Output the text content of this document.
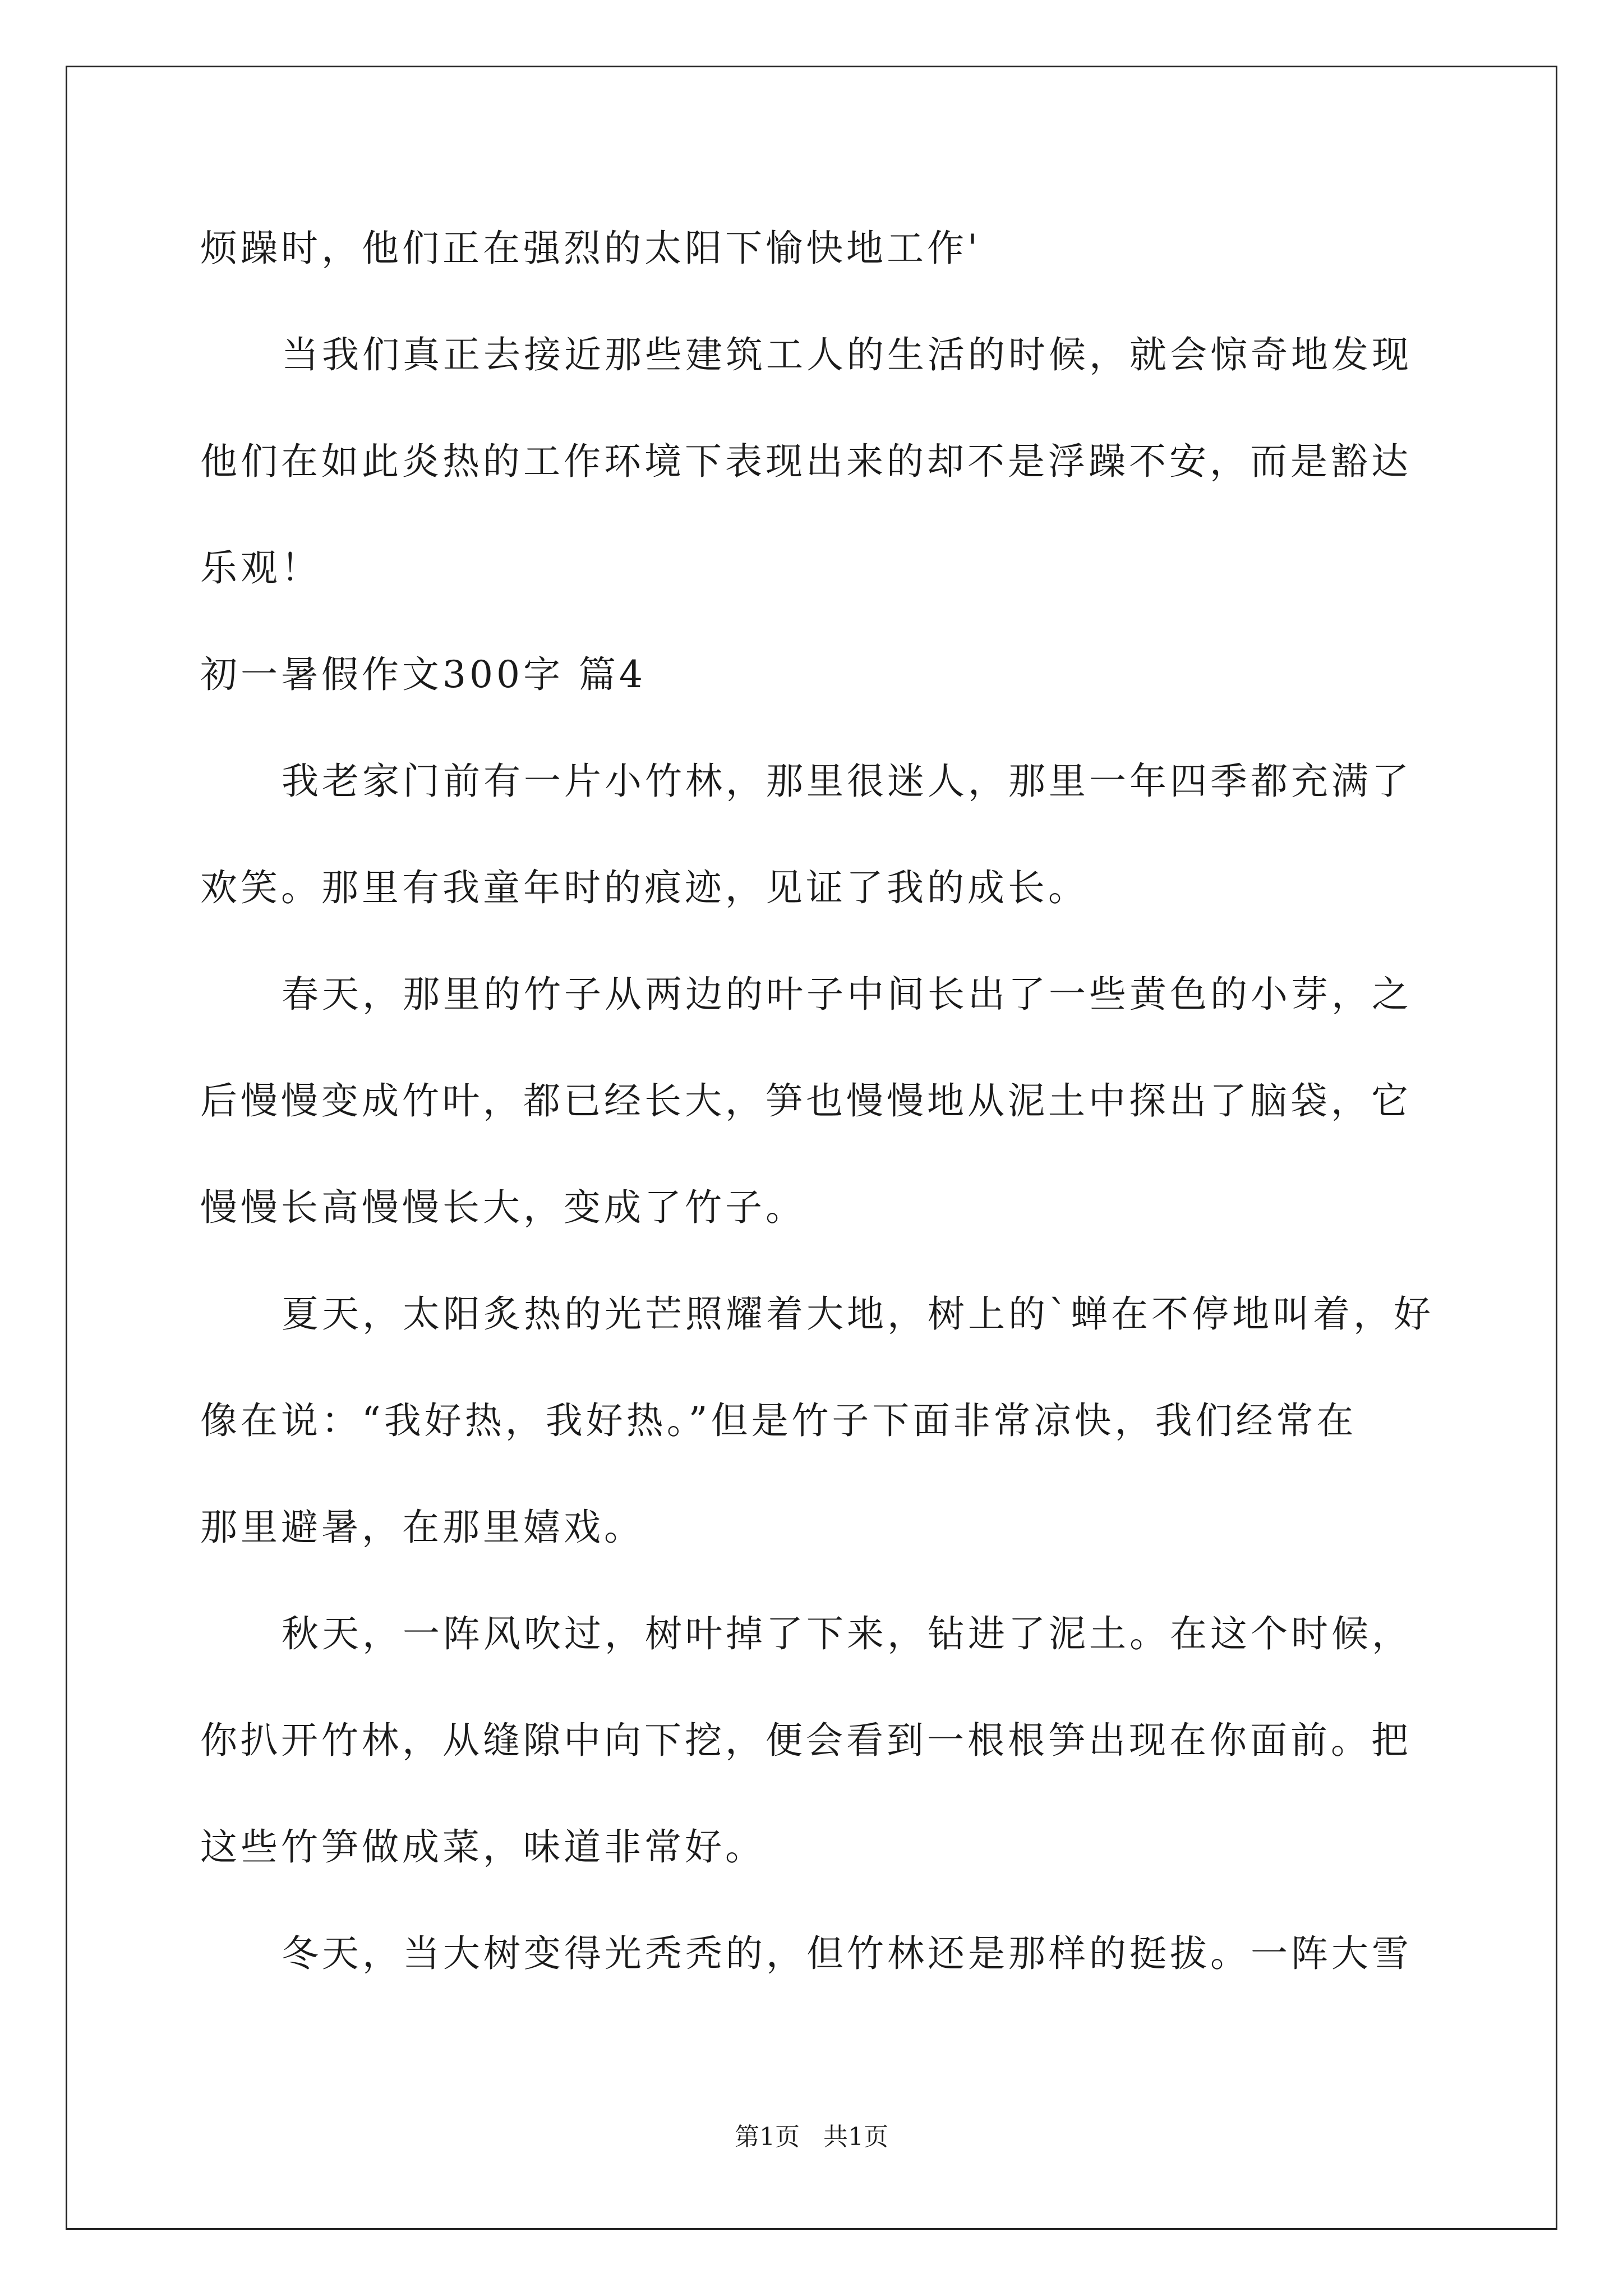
烦躁时，他们正在强烈的太阳下愉快地工作'
当我们真正去接近那些建筑工人的生活的时候，就会惊奇地发现
他们在如此炎热的工作环境下表现出来的却不是浮躁不安，而是豁达
乐观！
初一暑假作文300字 篇4
我老家门前有一片小竹林，那里很迷人，那里一年四季都充满了
欢笑。那里有我童年时的痕迹，见证了我的成长。
春天，那里的竹子从两边的叶子中间长出了一些黄色的小芽，之
后慢慢变成竹叶，都已经长大，笋也慢慢地从泥土中探出了脑袋，它
慢慢长高慢慢长大，变成了竹子。
夏天，太阳炙热的光芒照耀着大地，树上的`蝉在不停地叫着，好
像在说：“我好热，我好热。”但是竹子下面非常凉快，我们经常在
那里避暑，在那里嬉戏。
秋天，一阵风吹过，树叶掉了下来，钻进了泥土。在这个时候，
你扒开竹林，从缝隙中向下挖，便会看到一根根笋出现在你面前。把
这些竹笋做成菜，味道非常好。
冬天，当大树变得光秃秃的，但竹林还是那样的挺拔。一阵大雪
第1页   共1页
